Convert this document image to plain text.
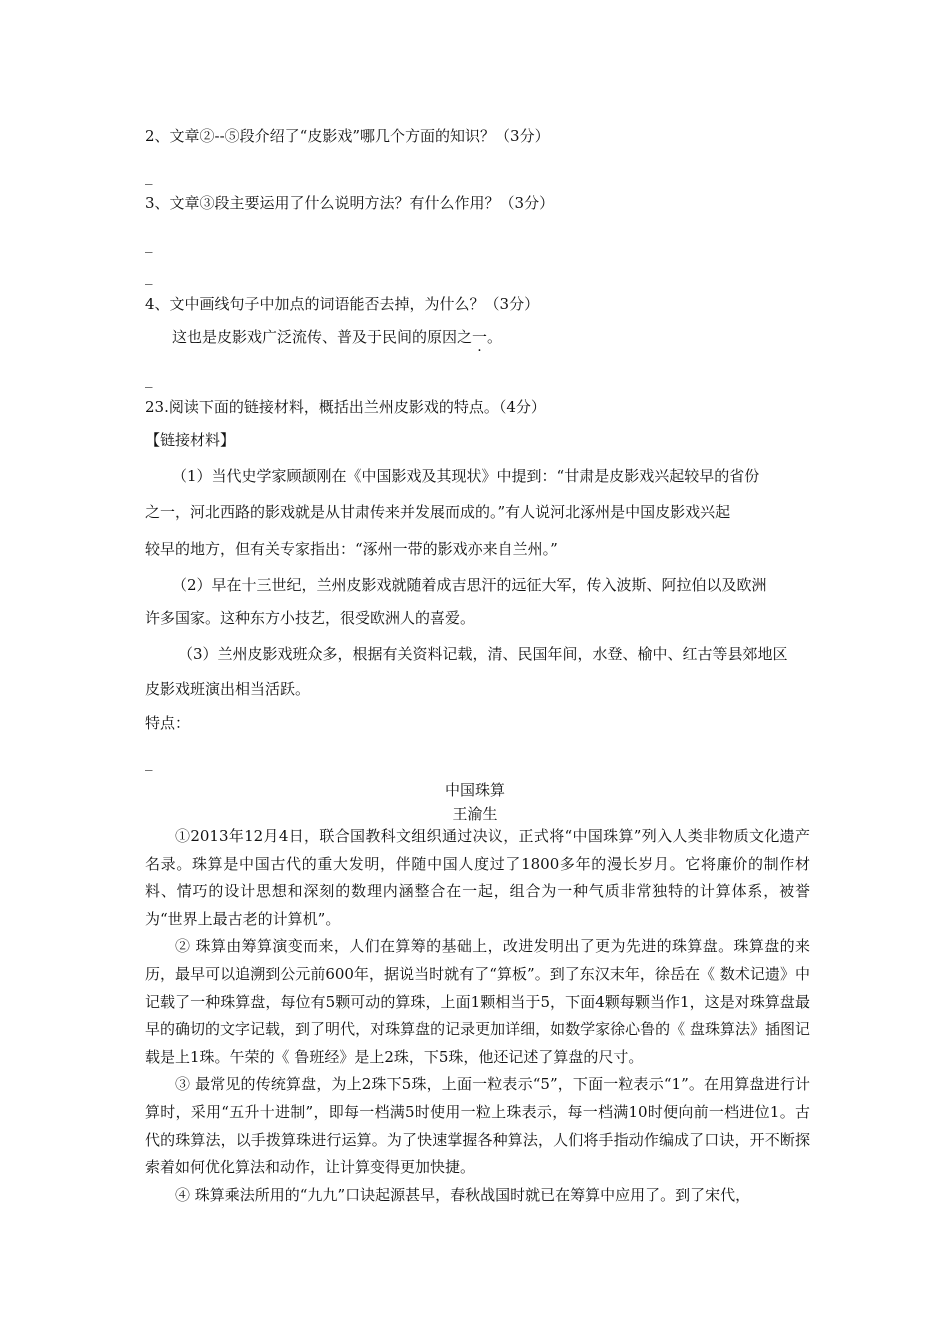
2、文章②--⑤段介绍了“皮影戏”哪几个方面的知识？（3分）
_
3、文章③段主要运用了什么说明方法？有什么作用？（3分）
_
_
4、文中画线句子中加点的词语能否去掉，为什么？（3分）
这也是皮影戏广泛流传、普及于民间的原因之一。
_
23.阅读下面的链接材料，概括出兰州皮影戏的特点。（4分）
【链接材料】
（1）当代史学家顾颉刚在《中国影戏及其现状》中提到：“甘肃是皮影戏兴起较早的省份
之一，河北西路的影戏就是从甘肃传来并发展而成的。”有人说河北涿州是中国皮影戏兴起
较早的地方，但有关专家指出：“涿州一带的影戏亦来自兰州。”
（2）早在十三世纪，兰州皮影戏就随着成吉思汗的远征大军，传入波斯、阿拉伯以及欧洲
许多国家。这种东方小技艺，很受欧洲人的喜爱。
（3）兰州皮影戏班众多，根据有关资料记载，清、民国年间，水登、榆中、红古等县郊地区
皮影戏班演出相当活跃。
特点：
_
中国珠算
王渝生

①2013年12月4日，联合国教科文组织通过决议，正式将“中国珠算”列入人类非物质文化遗产名录。珠算是中国古代的重大发明，伴随中国人度过了1800多年的漫长岁月。它将廉价的制作材料、情巧的设计思想和深刻的数理内涵整合在一起，组合为一种气质非常独特的计算体系，被誉为“世界上最古老的计算机”。

② 珠算由筹算演变而来，人们在算筹的基础上，改进发明出了更为先进的珠算盘。珠算盘的来历，最早可以追溯到公元前600年，据说当时就有了“算板”。到了东汉末年，徐岳在《 数术记遗》中记载了一种珠算盘，每位有5颗可动的算珠，上面1颗相当于5，下面4颗每颗当作1，这是对珠算盘最早的确切的文字记载，到了明代，对珠算盘的记录更加详细，如数学家徐心鲁的《 盘珠算法》插图记载是上1珠。午荣的《 鲁班经》是上2珠，下5珠，他还记述了算盘的尺寸。

③ 最常见的传统算盘，为上2珠下5珠，上面一粒表示“5”，下面一粒表示“1”。在用算盘进行计算时，采用“五升十进制”，即每一档满5时使用一粒上珠表示，每一档满10时便向前一档进位1。古代的珠算法，以手拨算珠进行运算。为了快速掌握各种算法，人们将手指动作编成了口诀，开不断探索着如何优化算法和动作，让计算变得更加快捷。

④ 珠算乘法所用的“九九”口诀起源甚早，春秋战国时就已在筹算中应用了。到了宋代，
